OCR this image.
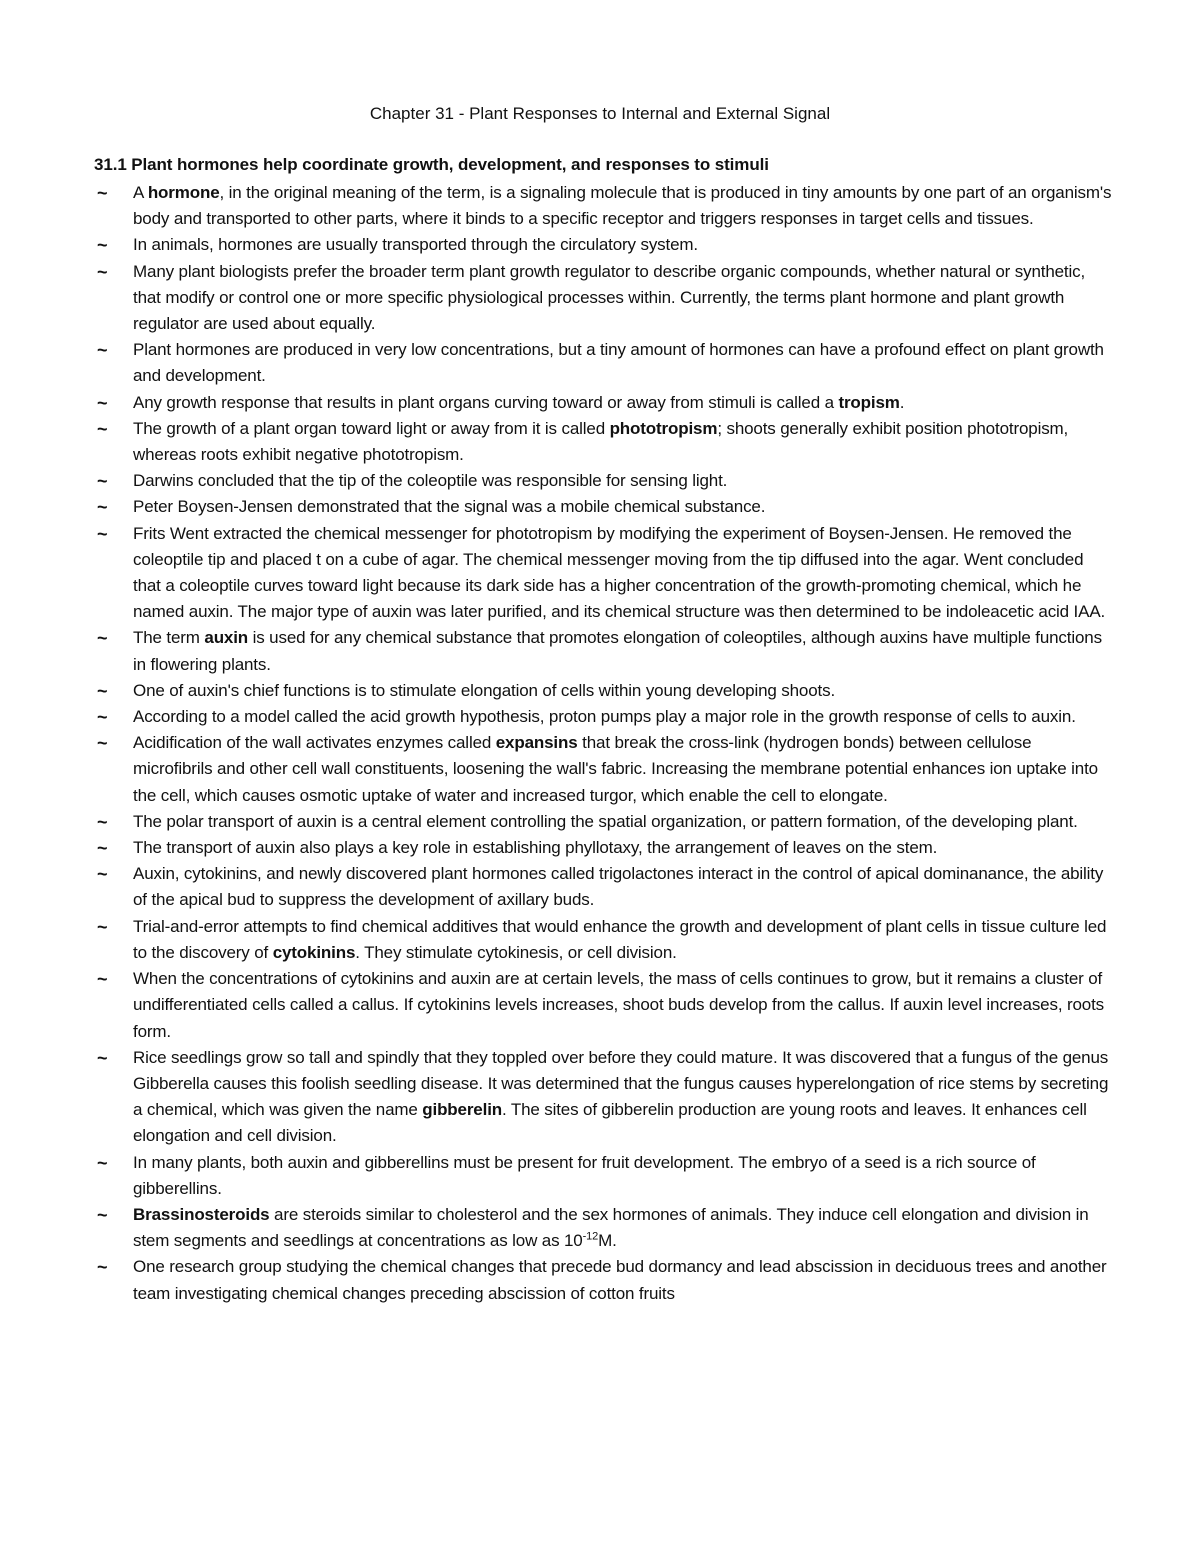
Chapter 31 - Plant Responses to Internal and External Signal
31.1 Plant hormones help coordinate growth, development, and responses to stimuli
~ A hormone, in the original meaning of the term, is a signaling molecule that is produced in tiny amounts by one part of an organism's body and transported to other parts, where it binds to a specific receptor and triggers responses in target cells and tissues.
~ In animals, hormones are usually transported through the circulatory system.
~ Many plant biologists prefer the broader term plant growth regulator to describe organic compounds, whether natural or synthetic, that modify or control one or more specific physiological processes within. Currently, the terms plant hormone and plant growth regulator are used about equally.
~ Plant hormones are produced in very low concentrations, but a tiny amount of hormones can have a profound effect on plant growth and development.
~ Any growth response that results in plant organs curving toward or away from stimuli is called a tropism.
~ The growth of a plant organ toward light or away from it is called phototropism; shoots generally exhibit position phototropism, whereas roots exhibit negative phototropism.
~ Darwins concluded that the tip of the coleoptile was responsible for sensing light.
~ Peter Boysen-Jensen demonstrated that the signal was a mobile chemical substance.
~ Frits Went extracted the chemical messenger for phototropism by modifying the experiment of Boysen-Jensen. He removed the coleoptile tip and placed t on a cube of agar. The chemical messenger moving from the tip diffused into the agar. Went concluded that a coleoptile curves toward light because its dark side has a higher concentration of the growth-promoting chemical, which he named auxin. The major type of auxin was later purified, and its chemical structure was then determined to be indoleacetic acid IAA.
~ The term auxin is used for any chemical substance that promotes elongation of coleoptiles, although auxins have multiple functions in flowering plants.
~ One of auxin's chief functions is to stimulate elongation of cells within young developing shoots.
~ According to a model called the acid growth hypothesis, proton pumps play a major role in the growth response of cells to auxin.
~ Acidification of the wall activates enzymes called expansins that break the cross-link (hydrogen bonds) between cellulose microfibrils and other cell wall constituents, loosening the wall's fabric. Increasing the membrane potential enhances ion uptake into the cell, which causes osmotic uptake of water and increased turgor, which enable the cell to elongate.
~ The polar transport of auxin is a central element controlling the spatial organization, or pattern formation, of the developing plant.
~ The transport of auxin also plays a key role in establishing phyllotaxy, the arrangement of leaves on the stem.
~ Auxin, cytokinins, and newly discovered plant hormones called trigolactones interact in the control of apical dominanance, the ability of the apical bud to suppress the development of axillary buds.
~ Trial-and-error attempts to find chemical additives that would enhance the growth and development of plant cells in tissue culture led to the discovery of cytokinins. They stimulate cytokinesis, or cell division.
~ When the concentrations of cytokinins and auxin are at certain levels, the mass of cells continues to grow, but it remains a cluster of undifferentiated cells called a callus. If cytokinins levels increases, shoot buds develop from the callus. If auxin level increases, roots form.
~ Rice seedlings grow so tall and spindly that they toppled over before they could mature. It was discovered that a fungus of the genus Gibberella causes this foolish seedling disease. It was determined that the fungus causes hyperelongation of rice stems by secreting a chemical, which was given the name gibberelin. The sites of gibberelin production are young roots and leaves. It enhances cell elongation and cell division.
~ In many plants, both auxin and gibberellins must be present for fruit development. The embryo of a seed is a rich source of gibberellins.
~ Brassinosteroids are steroids similar to cholesterol and the sex hormones of animals. They induce cell elongation and division in stem segments and seedlings at concentrations as low as $10^{-12}M$.
~ One research group studying the chemical changes that precede bud dormancy and lead abscission in deciduous trees and another team investigating chemical changes preceding abscission of cotton fruits
